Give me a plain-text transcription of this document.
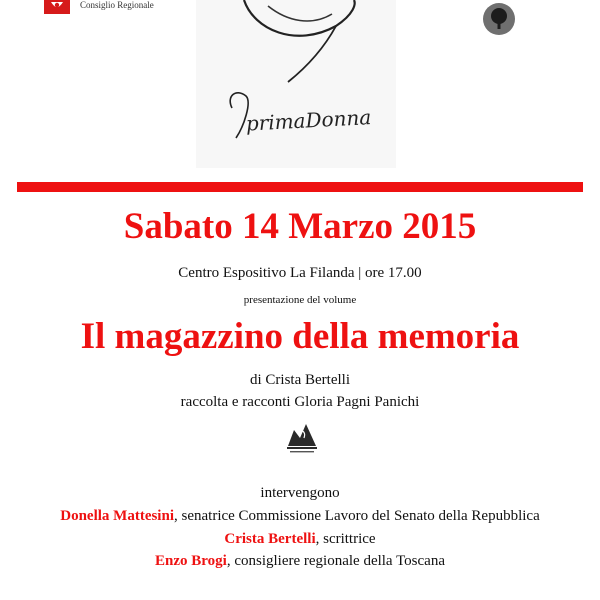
Consiglio Regionale
primaDonna
Sabato 14 Marzo 2015
Centro Espositivo La Filanda | ore 17.00
presentazione del volume
Il magazzino della memoria
di Crista Bertelli
raccolta e racconti Gloria Pagni Panichi
intervengono
Donella Mattesini, senatrice Commissione Lavoro del Senato della Repubblica
Crista Bertelli, scrittrice
Enzo Brogi, consigliere regionale della Toscana
